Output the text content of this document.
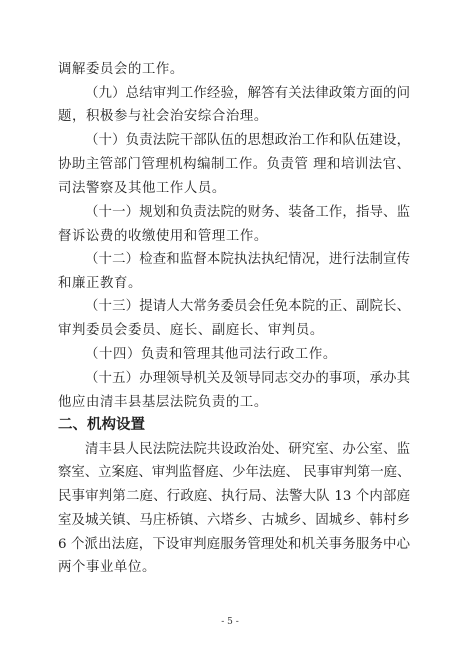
调解委员会的工作。
（九）总结审判工作经验，解答有关法律政策方面的问
题，积极参与社会治安综合治理。
（十）负责法院干部队伍的思想政治工作和队伍建设，
协助主管部门管理机构编制工作。负责管 理和培训法官、
司法警察及其他工作人员。
（十一）规划和负责法院的财务、装备工作，指导、监
督诉讼费的收缴使用和管理工作。
（十二）检查和监督本院执法执纪情况，进行法制宣传
和廉正教育。
（十三）提请人大常务委员会任免本院的正、副院长、
审判委员会委员、庭长、副庭长、审判员。
（十四）负责和管理其他司法行政工作。
（十五）办理领导机关及领导同志交办的事项，承办其
他应由清丰县基层法院负责的工。
二、机构设置
清丰县人民法院法院共设政治处、研究室、办公室、监
察室、立案庭、审判监督庭、少年法庭、 民事审判第一庭、
民事审判第二庭、行政庭、执行局、法警大队 13 个内部庭
室及城关镇、马庄桥镇、六塔乡、古城乡、固城乡、韩村乡
6 个派出法庭，下设审判庭服务管理处和机关事务服务中心
两个事业单位。
- 5 -
